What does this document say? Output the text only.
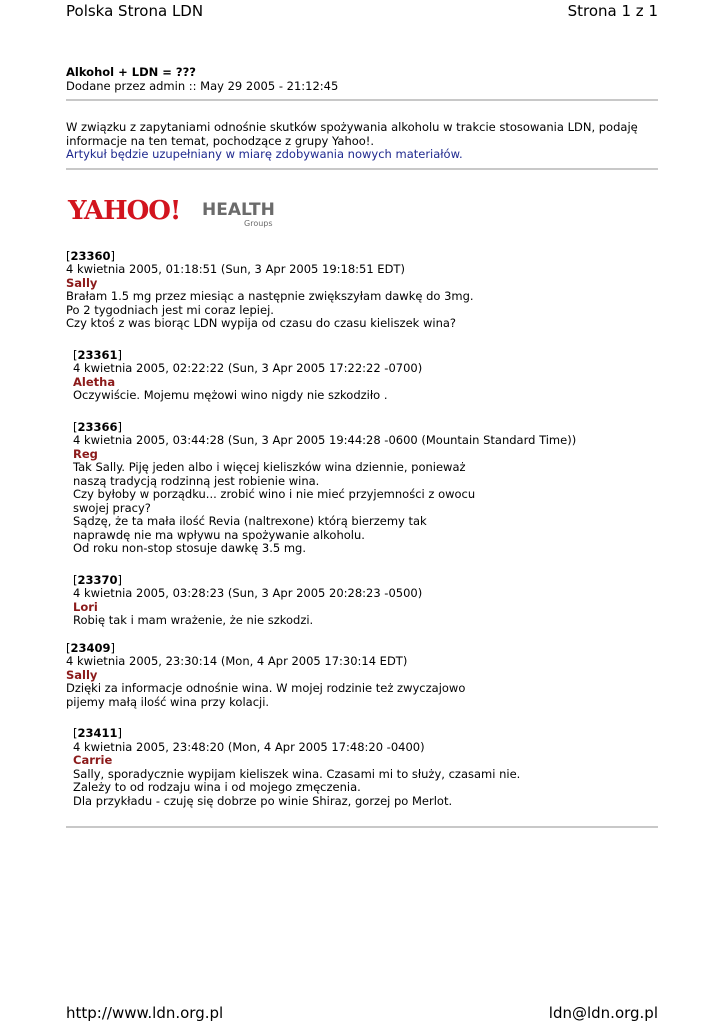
Polska Strona LDN	Strona 1 z 1
Alkohol + LDN = ???
Dodane przez admin :: May 29 2005 - 21:12:45
W związku z zapytaniami odnośnie skutków spożywania alkoholu w trakcie stosowania LDN, podaję
informacje na ten temat, pochodzące z grupy Yahoo!.
Artykuł będzie uzupełniany w miarę zdobywania nowych materiałów.
YAHOO! HEALTH
Groups
[23360]
4 kwietnia 2005, 01:18:51 (Sun, 3 Apr 2005 19:18:51 EDT)
Sally
Brałam 1.5 mg przez miesiąc a następnie zwiększyłam dawkę do 3mg.
Po 2 tygodniach jest mi coraz lepiej.
Czy ktoś z was biorąc LDN wypija od czasu do czasu kieliszek wina?
[23361]
4 kwietnia 2005, 02:22:22 (Sun, 3 Apr 2005 17:22:22 -0700)
Aletha
Oczywiście. Mojemu mężowi wino nigdy nie szkodziło .
[23366]
4 kwietnia 2005, 03:44:28 (Sun, 3 Apr 2005 19:44:28 -0600 (Mountain Standard Time))
Reg
Tak Sally. Piję jeden albo i więcej kieliszków wina dziennie, ponieważ
naszą tradycją rodzinną jest robienie wina.
Czy byłoby w porządku... zrobić wino i nie mieć przyjemności z owocu
swojej pracy?
Sądzę, że ta mała ilość Revia (naltrexone) którą bierzemy tak
naprawdę nie ma wpływu na spożywanie alkoholu.
Od roku non-stop stosuje dawkę 3.5 mg.
[23370]
4 kwietnia 2005, 03:28:23 (Sun, 3 Apr 2005 20:28:23 -0500)
Lori
Robię tak i mam wrażenie, że nie szkodzi.
[23409]
4 kwietnia 2005, 23:30:14 (Mon, 4 Apr 2005 17:30:14 EDT)
Sally
Dzięki za informacje odnośnie wina. W mojej rodzinie też zwyczajowo
pijemy małą ilość wina przy kolacji.
[23411]
4 kwietnia 2005, 23:48:20 (Mon, 4 Apr 2005 17:48:20 -0400)
Carrie
Sally, sporadycznie wypijam kieliszek wina. Czasami mi to służy, czasami nie.
Zależy to od rodzaju wina i od mojego zmęczenia.
Dla przykładu - czuję się dobrze po winie Shiraz, gorzej po Merlot.
http://www.ldn.org.pl	ldn@ldn.org.pl
